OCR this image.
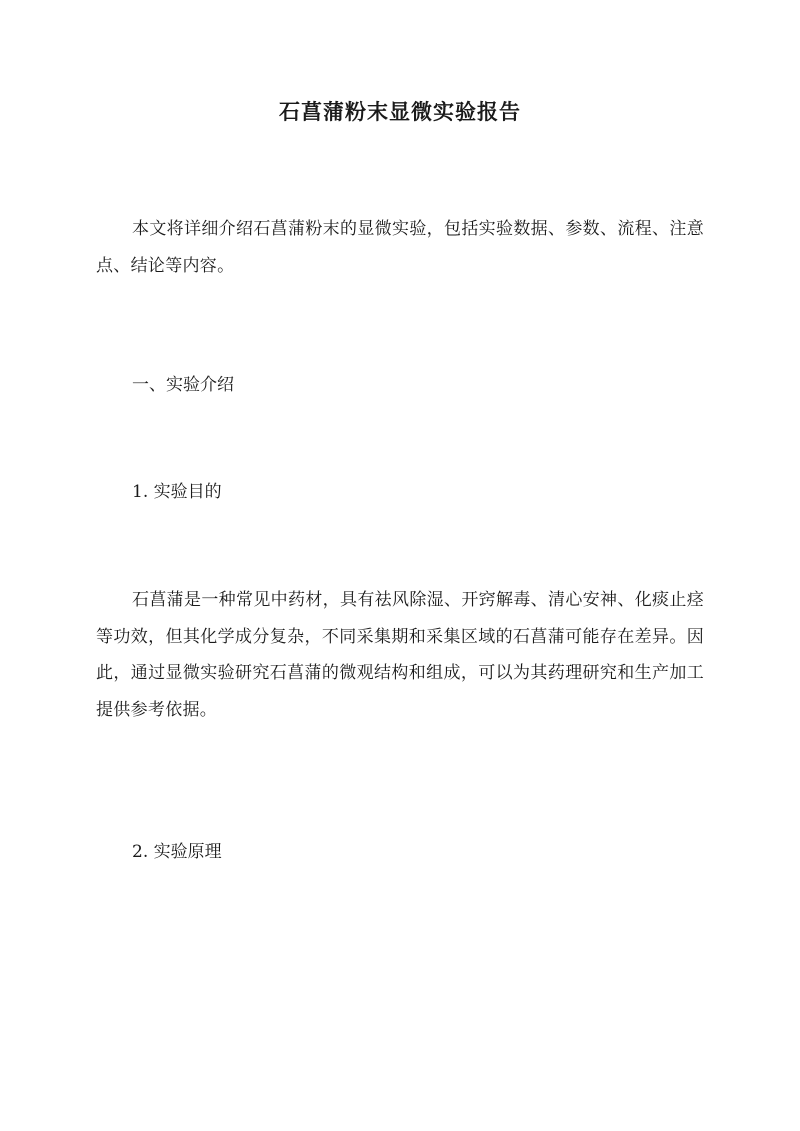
石菖蒲粉末显微实验报告
本文将详细介绍石菖蒲粉末的显微实验，包括实验数据、参数、流程、注意点、结论等内容。
一、实验介绍
1. 实验目的
石菖蒲是一种常见中药材，具有祛风除湿、开窍解毒、清心安神、化痰止痉等功效，但其化学成分复杂，不同采集期和采集区域的石菖蒲可能存在差异。因此，通过显微实验研究石菖蒲的微观结构和组成，可以为其药理研究和生产加工提供参考依据。
2. 实验原理
